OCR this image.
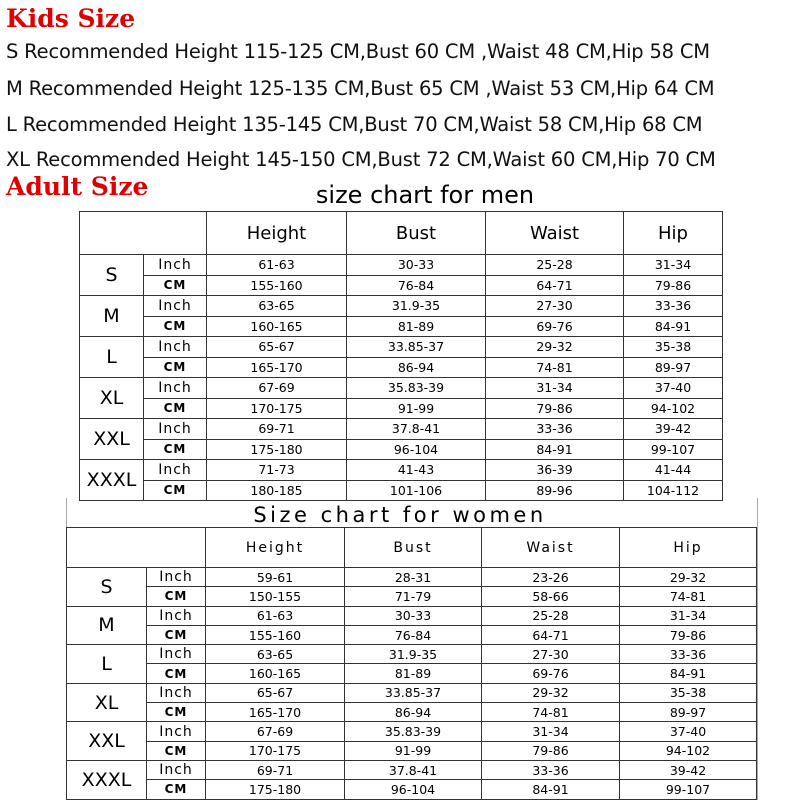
Kids Size
S Recommended Height 115-125 CM,Bust 60 CM ,Waist 48 CM,Hip 58 CM
M Recommended Height 125-135 CM,Bust 65 CM ,Waist 53 CM,Hip 64 CM
L Recommended Height 135-145 CM,Bust 70 CM,Waist 58 CM,Hip 68 CM
XL Recommended Height 145-150 CM,Bust 72 CM,Waist 60 CM,Hip 70 CM
Adult Size	size chart for men
		Height	Bust	Waist	Hip
S	Inch	61-63	30-33	25-28	31-34
	CM	155-160	76-84	64-71	79-86
M	Inch	63-65	31.9-35	27-30	33-36
	CM	160-165	81-89	69-76	84-91
L	Inch	65-67	33.85-37	29-32	35-38
	CM	165-170	86-94	74-81	89-97
XL	Inch	67-69	35.83-39	31-34	37-40
	CM	170-175	91-99	79-86	94-102
XXL	Inch	69-71	37.8-41	33-36	39-42
	CM	175-180	96-104	84-91	99-107
XXXL	Inch	71-73	41-43	36-39	41-44
	CM	180-185	101-106	89-96	104-112
Size chart for women
		Height	Bust	Waist	Hip
S	Inch	59-61	28-31	23-26	29-32
	CM	150-155	71-79	58-66	74-81
M	Inch	61-63	30-33	25-28	31-34
	CM	155-160	76-84	64-71	79-86
L	Inch	63-65	31.9-35	27-30	33-36
	CM	160-165	81-89	69-76	84-91
XL	Inch	65-67	33.85-37	29-32	35-38
	CM	165-170	86-94	74-81	89-97
XXL	Inch	67-69	35.83-39	31-34	37-40
	CM	170-175	91-99	79-86	94-102
XXXL	Inch	69-71	37.8-41	33-36	39-42
	CM	175-180	96-104	84-91	99-107
